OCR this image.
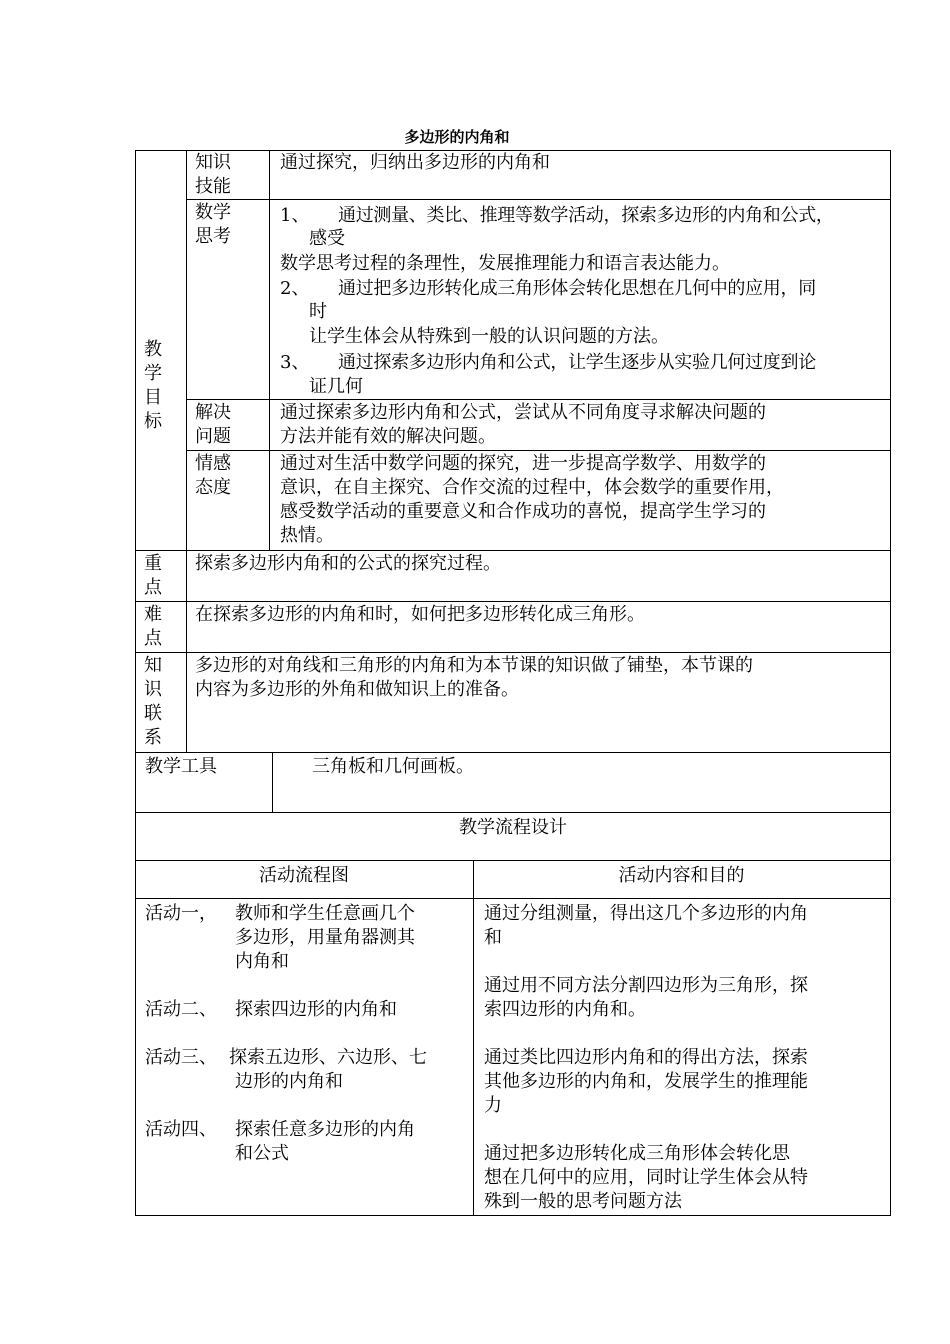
多边形的内角和
教学目标
知识
技能
通过探究，归纳出多边形的内角和
数学
思考
1、 通过测量、类比、推理等数学活动，探索多边形的内角和公式，
感受
数学思考过程的条理性，发展推理能力和语言表达能力。
2、 通过把多边形转化成三角形体会转化思想在几何中的应用，同
时
让学生体会从特殊到一般的认识问题的方法。
3、 通过探索多边形内角和公式，让学生逐步从实验几何过度到论
证几何
解决
问题
通过探索多边形内角和公式，尝试从不同角度寻求解决问题的
方法并能有效的解决问题。
情感
态度
通过对生活中数学问题的探究，进一步提高学数学、用数学的
意识，在自主探究、合作交流的过程中，体会数学的重要作用，
感受数学活动的重要意义和合作成功的喜悦，提高学生学习的
热情。
重点
探索多边形内角和的公式的探究过程。
难点
在探索多边形的内角和时，如何把多边形转化成三角形。
知识联系
多边形的对角线和三角形的内角和为本节课的知识做了铺垫，本节课的
内容为多边形的外角和做知识上的准备。
教学工具	三角板和几何画板。
教学流程设计
活动流程图	活动内容和目的
活动一， 教师和学生任意画几个
多边形，用量角器测其
内角和
活动二、 探索四边形的内角和
活动三、 探索五边形、六边形、七
边形的内角和
活动四、 探索任意多边形的内角
和公式
通过分组测量，得出这几个多边形的内角
和
通过用不同方法分割四边形为三角形，探
索四边形的内角和。
通过类比四边形内角和的得出方法，探索
其他多边形的内角和，发展学生的推理能
力
通过把多边形转化成三角形体会转化思
想在几何中的应用，同时让学生体会从特
殊到一般的思考问题方法
